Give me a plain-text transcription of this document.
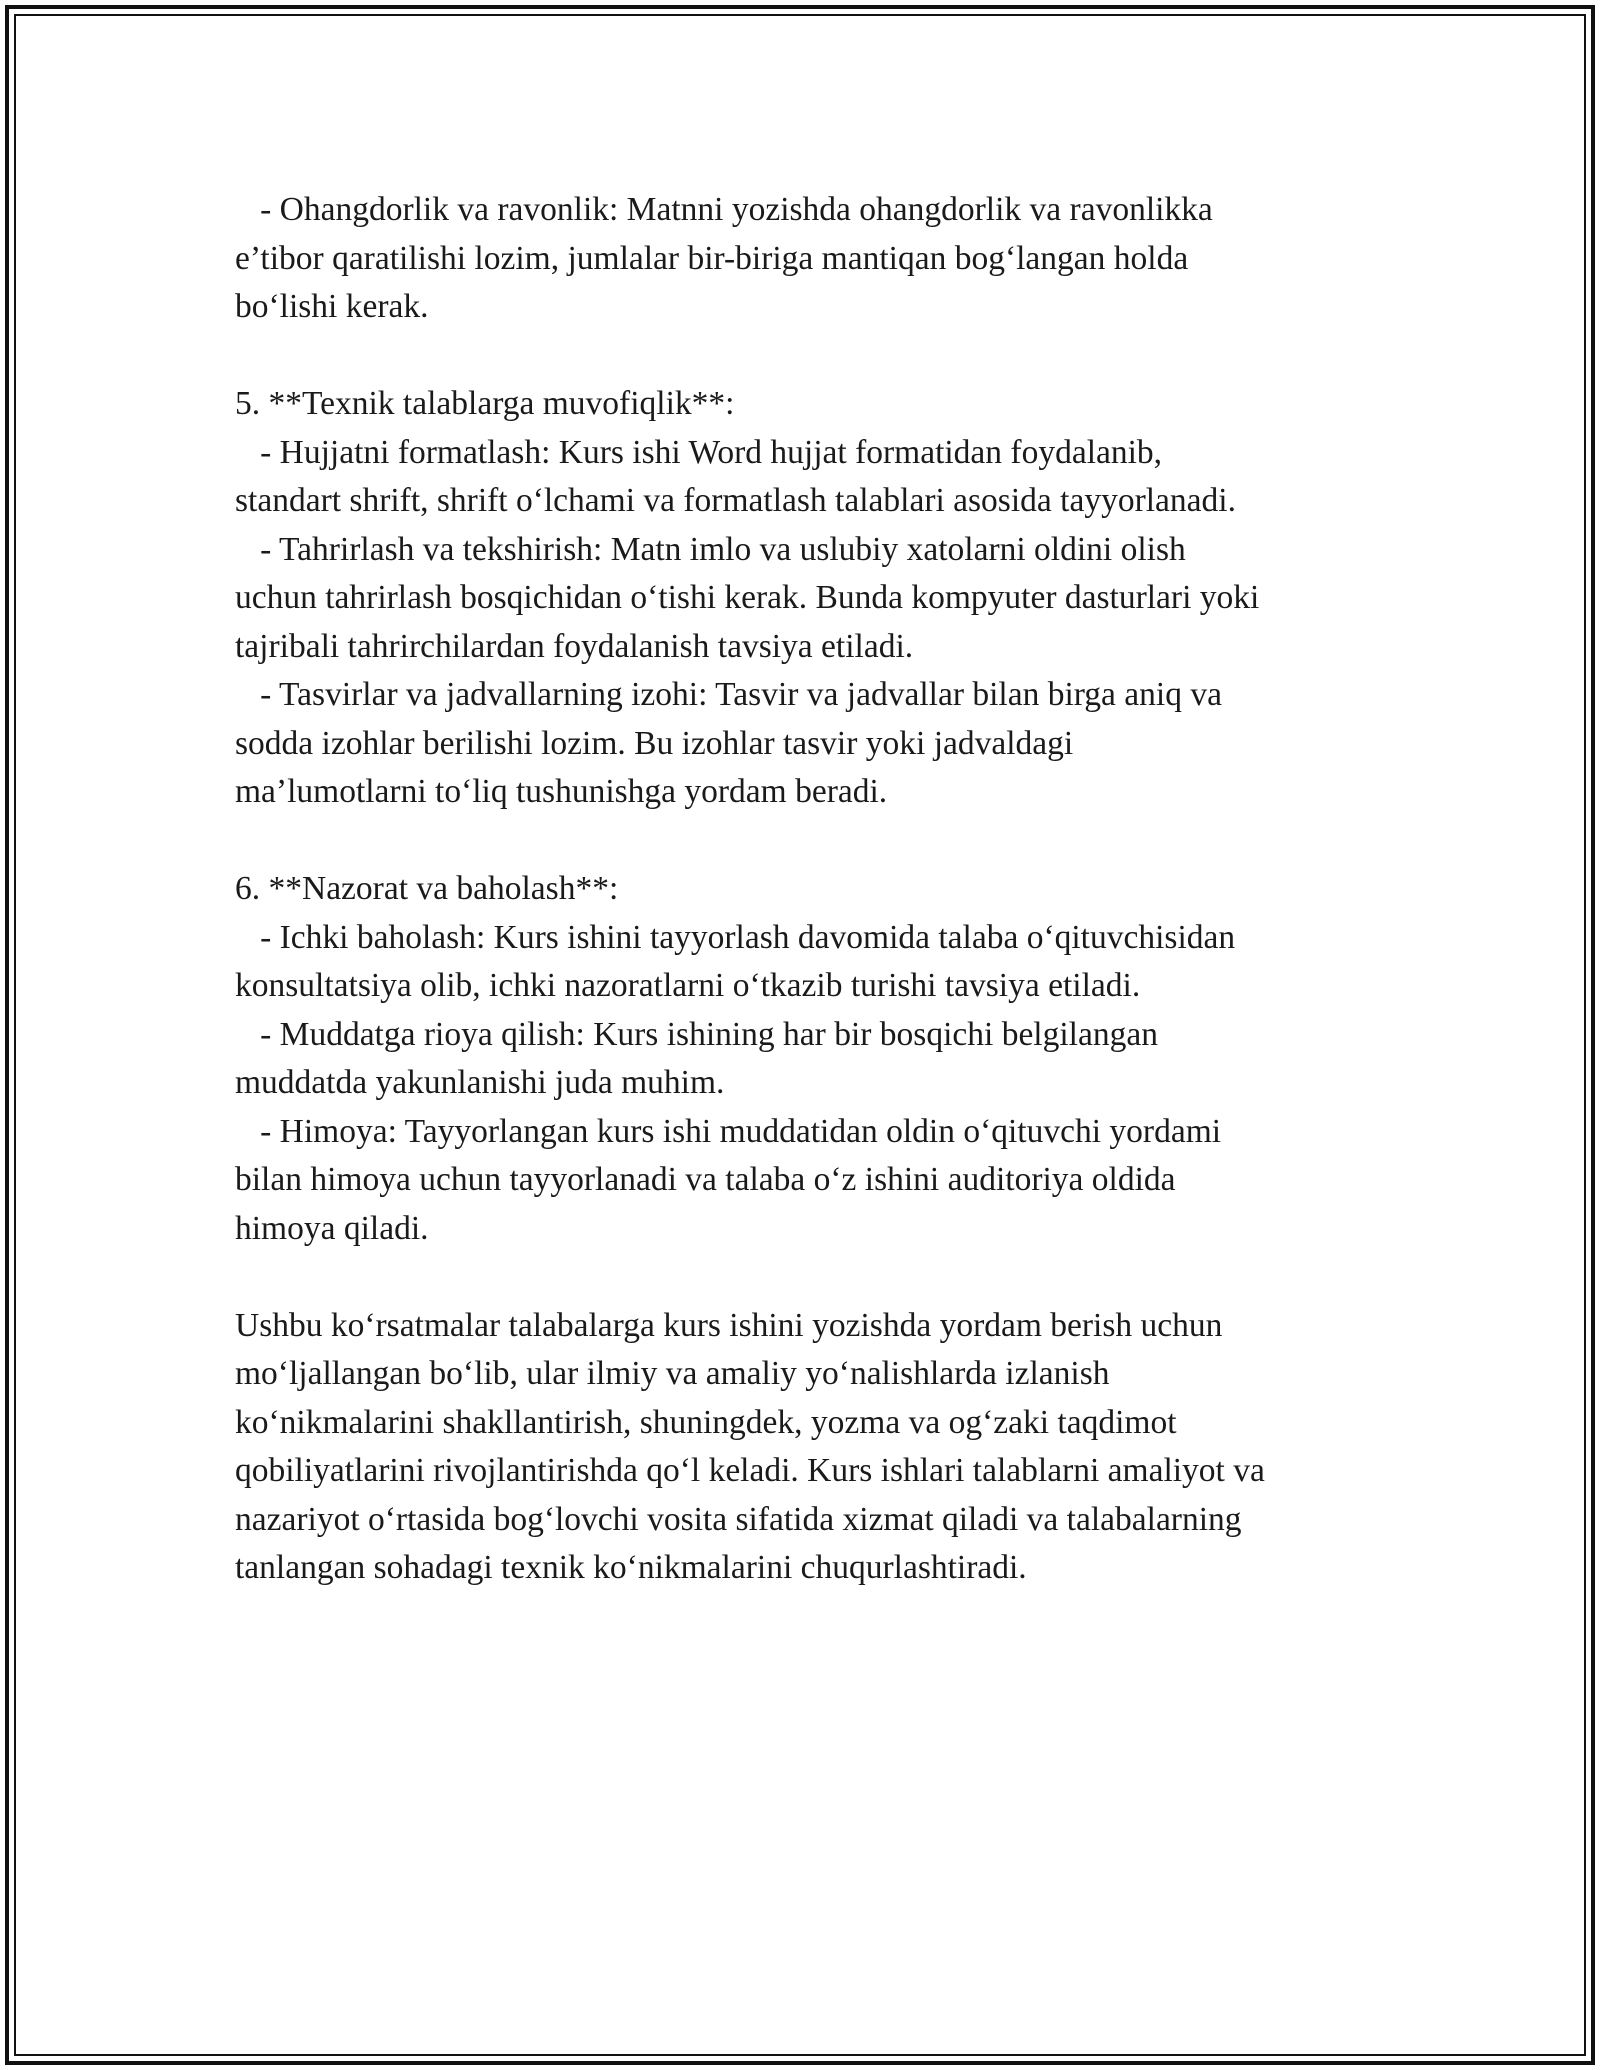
- Ohangdorlik va ravonlik: Matnni yozishda ohangdorlik va ravonlikka
e’tibor qaratilishi lozim, jumlalar bir-biriga mantiqan bog‘langan holda
bo‘lishi kerak.
5. **Texnik talablarga muvofiqlik**:
- Hujjatni formatlash: Kurs ishi Word hujjat formatidan foydalanib,
standart shrift, shrift o‘lchami va formatlash talablari asosida tayyorlanadi.
- Tahrirlash va tekshirish: Matn imlo va uslubiy xatolarni oldini olish
uchun tahrirlash bosqichidan o‘tishi kerak. Bunda kompyuter dasturlari yoki
tajribali tahrirchilardan foydalanish tavsiya etiladi.
- Tasvirlar va jadvallarning izohi: Tasvir va jadvallar bilan birga aniq va
sodda izohlar berilishi lozim. Bu izohlar tasvir yoki jadvaldagi
ma’lumotlarni to‘liq tushunishga yordam beradi.
6. **Nazorat va baholash**:
- Ichki baholash: Kurs ishini tayyorlash davomida talaba o‘qituvchisidan
konsultatsiya olib, ichki nazoratlarni o‘tkazib turishi tavsiya etiladi.
- Muddatga rioya qilish: Kurs ishining har bir bosqichi belgilangan
muddatda yakunlanishi juda muhim.
- Himoya: Tayyorlangan kurs ishi muddatidan oldin o‘qituvchi yordami
bilan himoya uchun tayyorlanadi va talaba o‘z ishini auditoriya oldida
himoya qiladi.
Ushbu ko‘rsatmalar talabalarga kurs ishini yozishda yordam berish uchun
mo‘ljallangan bo‘lib, ular ilmiy va amaliy yo‘nalishlarda izlanish
ko‘nikmalarini shakllantirish, shuningdek, yozma va og‘zaki taqdimot
qobiliyatlarini rivojlantirishda qo‘l keladi. Kurs ishlari talablarni amaliyot va
nazariyot o‘rtasida bog‘lovchi vosita sifatida xizmat qiladi va talabalarning
tanlangan sohadagi texnik ko‘nikmalarini chuqurlashtiradi.
